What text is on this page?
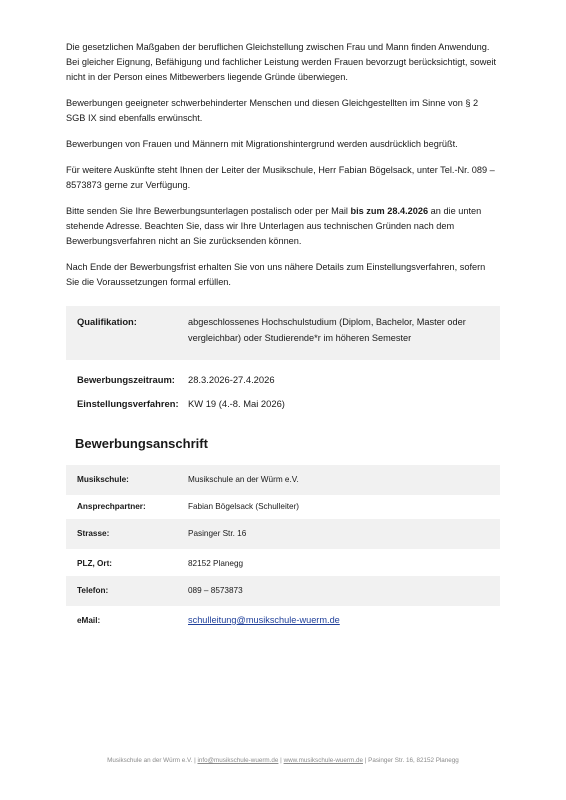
Die gesetzlichen Maßgaben der beruflichen Gleichstellung zwischen Frau und Mann finden Anwendung. Bei gleicher Eignung, Befähigung und fachlicher Leistung werden Frauen bevorzugt berücksichtigt, soweit nicht in der Person eines Mitbewerbers liegende Gründe überwiegen.

Bewerbungen geeigneter schwerbehinderter Menschen und diesen Gleichgestellten im Sinne von § 2 SGB IX sind ebenfalls erwünscht.

Bewerbungen von Frauen und Männern mit Migrationshintergrund werden ausdrücklich begrüßt.

Für weitere Auskünfte steht Ihnen der Leiter der Musikschule, Herr Fabian Bögelsack, unter Tel.-Nr. 089 – 8573873 gerne zur Verfügung.

Bitte senden Sie Ihre Bewerbungsunterlagen postalisch oder per Mail bis zum 28.4.2026 an die unten stehende Adresse. Beachten Sie, dass wir Ihre Unterlagen aus technischen Gründen nach dem Bewerbungsverfahren nicht an Sie zurücksenden können.

Nach Ende der Bewerbungsfrist erhalten Sie von uns nähere Details zum Einstellungsverfahren, sofern Sie die Voraussetzungen formal erfüllen.

Qualifikation:	abgeschlossenes Hochschulstudium (Diplom, Bachelor, Master oder vergleichbar) oder Studierende*r im höheren Semester
Bewerbungszeitraum: 28.3.2026-27.4.2026
Einstellungsverfahren: KW 19 (4.-8. Mai 2026)
Bewerbungsanschrift
Musikschule:	Musikschule an der Würm e.V.
Ansprechpartner:	Fabian Bögelsack (Schulleiter)
Strasse:	Pasinger Str. 16
PLZ, Ort:	82152 Planegg
Telefon:	089 – 8573873
eMail:	schulleitung@musikschule-wuerm.de
Musikschule an der Würm e.V. | info@musikschule-wuerm.de | www.musikschule-wuerm.de | Pasinger Str. 16, 82152 Planegg
